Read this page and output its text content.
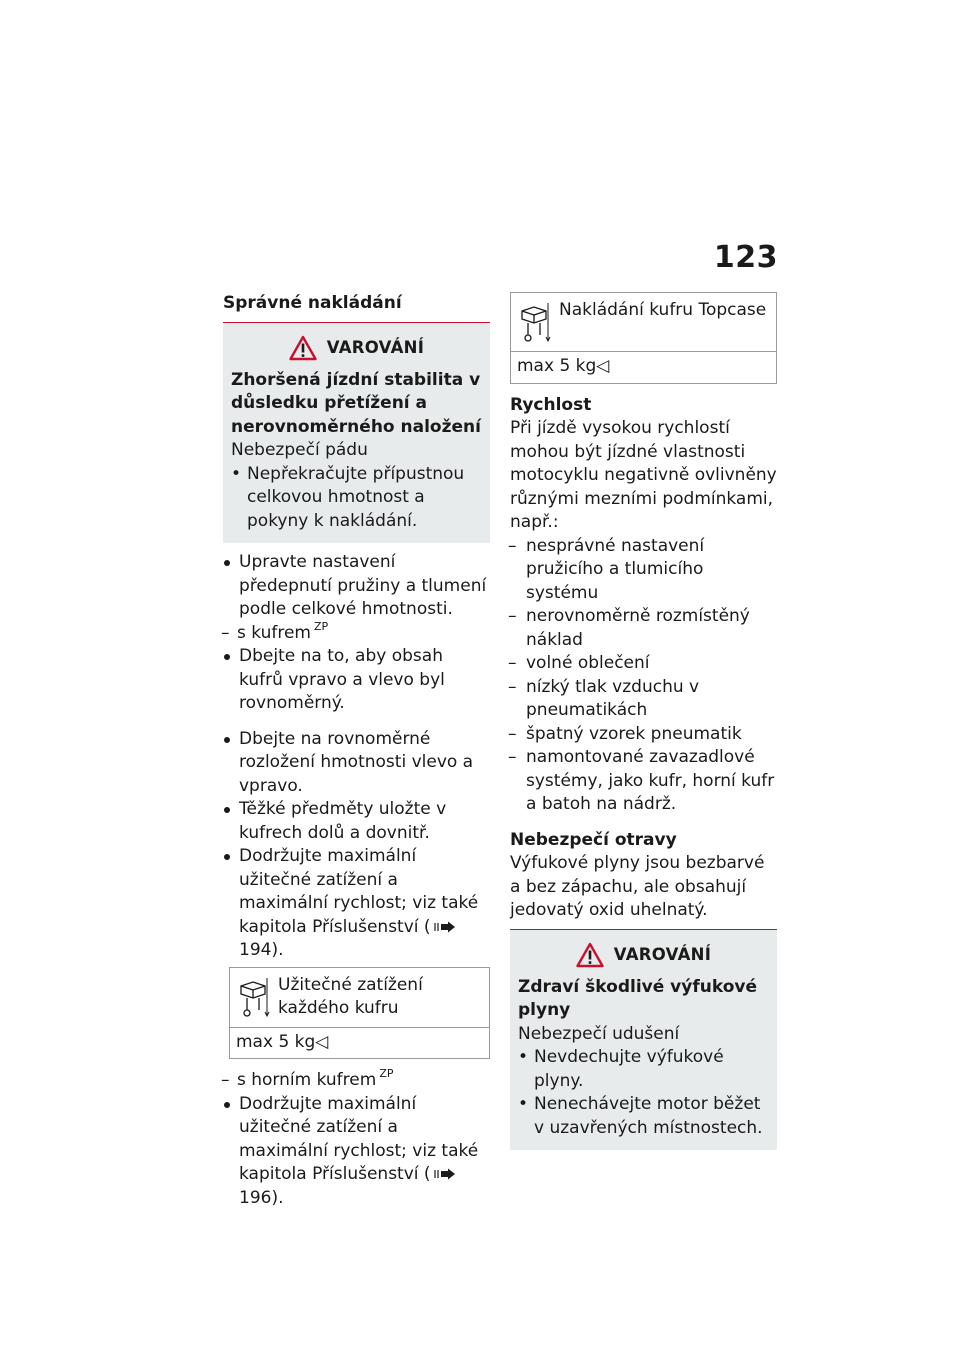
123
Správné nakládání
VAROVÁNÍ

Zhoršená jízdní stabilita v důsledku přetížení a nerovnoměrného naložení

Nebezpečí pádu

• Nepřekračujte přípustnou celkovou hmotnost a pokyny k nakládání.
Upravte nastavení předepnutí pružiny a tlumení podle celkové hmotnosti.
– s kufrem $^{ZP}$
Dbejte na to, aby obsah kufrů vpravo a vlevo byl rovnoměrný.
Dbejte na rovnoměrné rozložení hmotnosti vlevo a vpravo.
Těžké předměty uložte v kufrech dolů a dovnitř.
Dodržujte maximální užitečné zatížení a maximální rychlost; viz také kapitola Příslušenství (194).
Užitečné zatížení každého kufru
max 5 kg◁
– s horním kufrem $^{ZP}$
Dodržujte maximální užitečné zatížení a maximální rychlost; viz také kapitola Příslušenství (196).
Nakládání kufru Topcase
max 5 kg◁

Rychlost

Při jízdě vysokou rychlostí mohou být jízdné vlastnosti motocyklu negativně ovlivněny různými mezními podmínkami, např.:

– nesprávné nastavení pružicího a tlumicího systému
– nerovnoměrně rozmístěný náklad
– volné oblečení
– nízký tlak vzduchu v pneumatikách
– špatný vzorek pneumatik
– namontované zavazadlové systémy, jako kufr, horní kufr a batoh na nádrž.

Nebezpečí otravy

Výfukové plyny jsou bezbarvé a bez zápachu, ale obsahují jedovatý oxid uhelnatý.

VAROVÁNÍ

Zdraví škodlivé výfukové plyny

Nebezpečí udušení

• Nevdechujte výfukové plyny.
• Nenechávejte motor běžet v uzavřených místnostech.
